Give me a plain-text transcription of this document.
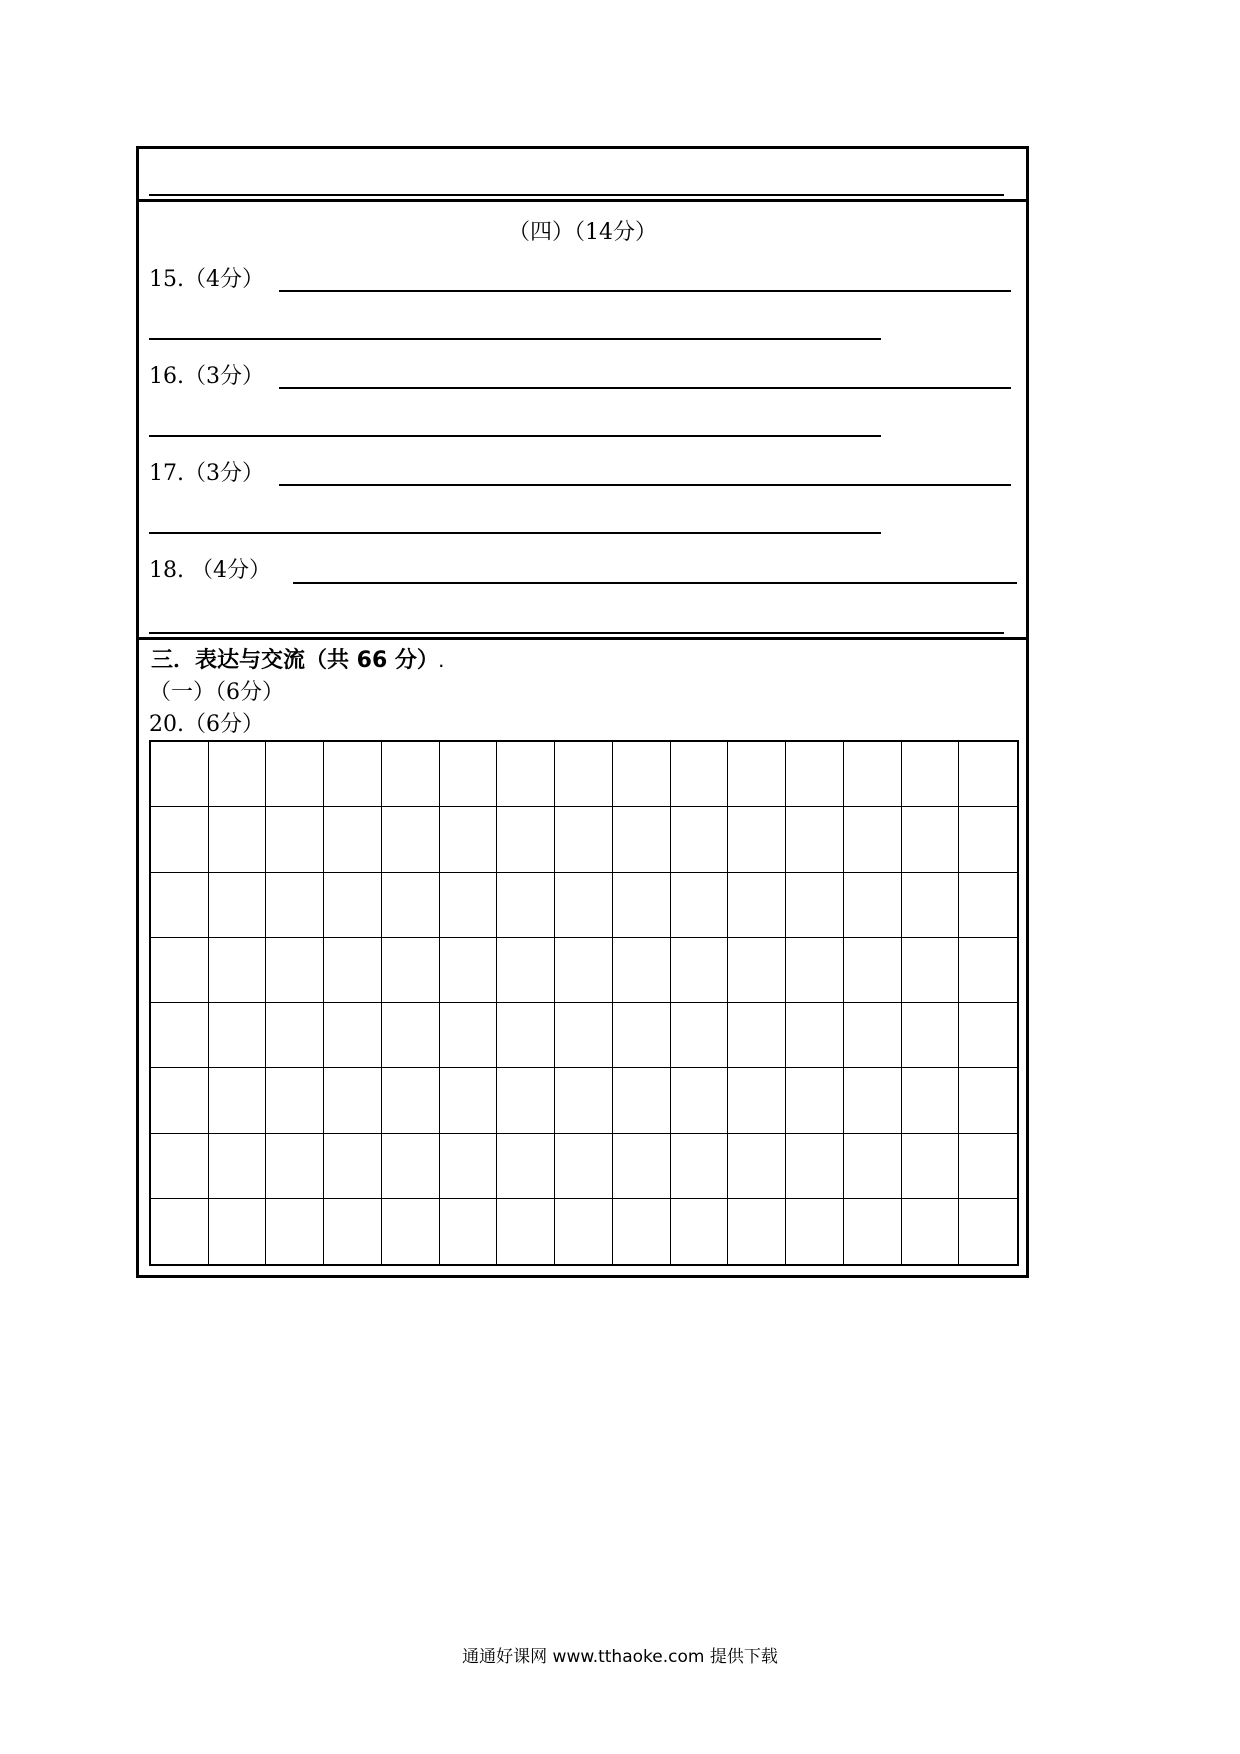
（四）（14分）
15.（4分）
16.（3分）
17.（3分）
18. （4分）
三．表达与交流（共 66 分）.
（一）（6分）
20.（6分）
通通好课网 www.tthaoke.com 提供下载
